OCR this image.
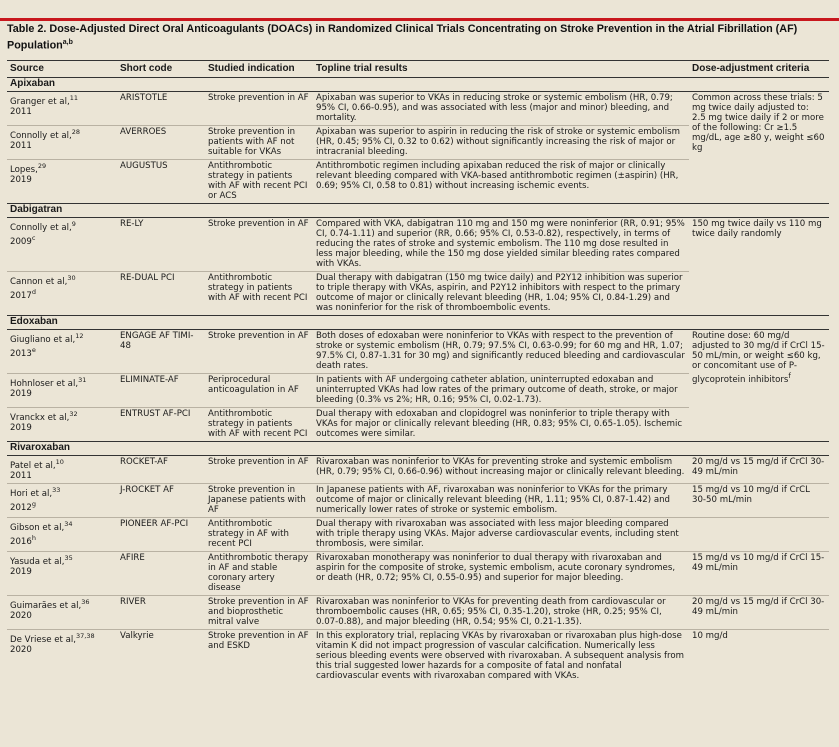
Table 2. Dose-Adjusted Direct Oral Anticoagulants (DOACs) in Randomized Clinical Trials Concentrating on Stroke Prevention in the Atrial Fibrillation (AF) Population$^{a,b}$
Source	Short code	Studied indication	Topline trial results	Dose-adjustment criteria
Apixaban				
Granger et al,$^{11}$
2011	ARISTOTLE	Stroke prevention in AF	Apixaban was superior to VKAs in reducing stroke or systemic embolism (HR, 0.79; 95% CI, 0.66-0.95), and was associated with less (major and minor) bleeding, and mortality.	Common across these trials: 5 mg twice daily adjusted to: 2.5 mg twice daily if 2 or more of the following: Cr ≥1.5 mg/dL, age ≥80 y, weight ≤60 kg
Connolly et al,$^{28}$
2011	AVERROES	Stroke prevention in patients with AF not suitable for VKAs	Apixaban was superior to aspirin in reducing the risk of stroke or systemic embolism (HR, 0.45; 95% CI, 0.32 to 0.62) without significantly increasing the risk of major or intracranial bleeding.	
Lopes,$^{29}$
2019	AUGUSTUS	Antithrombotic strategy in patients with AF with recent PCI or ACS	Antithrombotic regimen including apixaban reduced the risk of major or clinically relevant bleeding compared with VKA-based antithrombotic regimen (±aspirin) (HR, 0.69; 95% CI, 0.58 to 0.81) without increasing ischemic events.	
Dabigatran				
Connolly et al,$^9$
2009$^c$	RE-LY	Stroke prevention in AF	Compared with VKA, dabigatran 110 mg and 150 mg were noninferior (RR, 0.91; 95% CI, 0.74-1.11) and superior (RR, 0.66; 95% CI, 0.53-0.82), respectively, in terms of reducing the rates of stroke and systemic embolism. The 110 mg dose resulted in less major bleeding, while the 150 mg dose yielded similar bleeding rates compared with VKAs.	150 mg twice daily vs 110 mg twice daily randomly
Cannon et al,$^{30}$
2017$^d$	RE-DUAL PCI	Antithrombotic strategy in patients with AF with recent PCI	Dual therapy with dabigatran (150 mg twice daily) and P2Y12 inhibition was superior to triple therapy with VKAs, aspirin, and P2Y12 inhibitors with respect to the primary outcome of major or clinically relevant bleeding (HR, 1.04; 95% CI, 0.84-1.29) and was noninferior for the risk of thromboembolic events.	
Edoxaban				
Giugliano et al,$^{12}$
2013e	ENGAGE AF TIMI-48	Stroke prevention in AF	Both doses of edoxaban were noninferior to VKAs with respect to the prevention of stroke or systemic embolism (HR, 0.79; 97.5% CI, 0.63-0.99; for 60 mg and HR, 1.07; 97.5% CI, 0.87-1.31 for 30 mg) and significantly reduced bleeding and cardiovascular death rates.	Routine dose: 60 mg/d adjusted to 30 mg/d if CrCl 15-50 mL/min, or weight ≤60 kg, or concomitant use of P-glycoprotein inhibitors$^f$
Hohnloser et al,$^{31}$
2019	ELIMINATE-AF	Periprocedural anticoagulation in AF	In patients with AF undergoing catheter ablation, uninterrupted edoxaban and uninterrupted VKAs had low rates of the primary outcome of death, stroke, or major bleeding (0.3% vs 2%; HR, 0.16; 95% CI, 0.02-1.73).	
Vranckx et al,$^{32}$
2019	ENTRUST AF-PCI	Antithrombotic strategy in patients with AF with recent PCI	Dual therapy with edoxaban and clopidogrel was noninferior to triple therapy with VKAs for major or clinically relevant bleeding (HR, 0.83; 95% CI, 0.65-1.05). Ischemic outcomes were similar.	
Rivaroxaban				
Patel et al,$^{10}$
2011	ROCKET-AF	Stroke prevention in AF	Rivaroxaban was noninferior to VKAs for preventing stroke and systemic embolism (HR, 0.79; 95% CI, 0.66-0.96) without increasing major or clinically relevant bleeding.	20 mg/d vs 15 mg/d if CrCl 30-49 mL/min
Hori et al,$^{33}$
2012$^g$	J-ROCKET AF	Stroke prevention in Japanese patients with AF	In Japanese patients with AF, rivaroxaban was noninferior to VKAs for the primary outcome of major or clinically relevant bleeding (HR, 1.11; 95% CI, 0.87-1.42) and numerically lower rates of stroke or systemic embolism.	15 mg/d vs 10 mg/d if CrCL 30-50 mL/min
Gibson et al,$^{34}$
2016$^h$	PIONEER AF-PCI	Antithrombotic strategy in AF with recent PCI	Dual therapy with rivaroxaban was associated with less major bleeding compared with triple therapy using VKAs. Major adverse cardiovascular events, including stent thrombosis, were similar.	
Yasuda et al,$^{35}$
2019	AFIRE	Antithrombotic therapy in AF and stable coronary artery disease	Rivaroxaban monotherapy was noninferior to dual therapy with rivaroxaban and aspirin for the composite of stroke, systemic embolism, acute coronary syndromes, or death (HR, 0.72; 95% CI, 0.55-0.95) and superior for major bleeding.	15 mg/d vs 10 mg/d if CrCl 15-49 mL/min
Guimarães et al,$^{36}$
2020	RIVER	Stroke prevention in AF and bioprosthetic mitral valve	Rivaroxaban was noninferior to VKAs for preventing death from cardiovascular or thromboembolic causes (HR, 0.65; 95% CI, 0.35-1.20), stroke (HR, 0.25; 95% CI, 0.07-0.88), and major bleeding (HR, 0.54; 95% CI, 0.21-1.35).	20 mg/d vs 15 mg/d if CrCl 30-49 mL/min
De Vriese et al,$^{37,38}$
2020	Valkyrie	Stroke prevention in AF and ESKD	In this exploratory trial, replacing VKAs by rivaroxaban or rivaroxaban plus high-dose vitamin K did not impact progression of vascular calcification. Numerically less serious bleeding events were observed with rivaroxaban. A subsequent analysis from this trial suggested lower hazards for a composite of fatal and nonfatal cardiovascular events with rivaroxaban compared with VKAs.	10 mg/d
